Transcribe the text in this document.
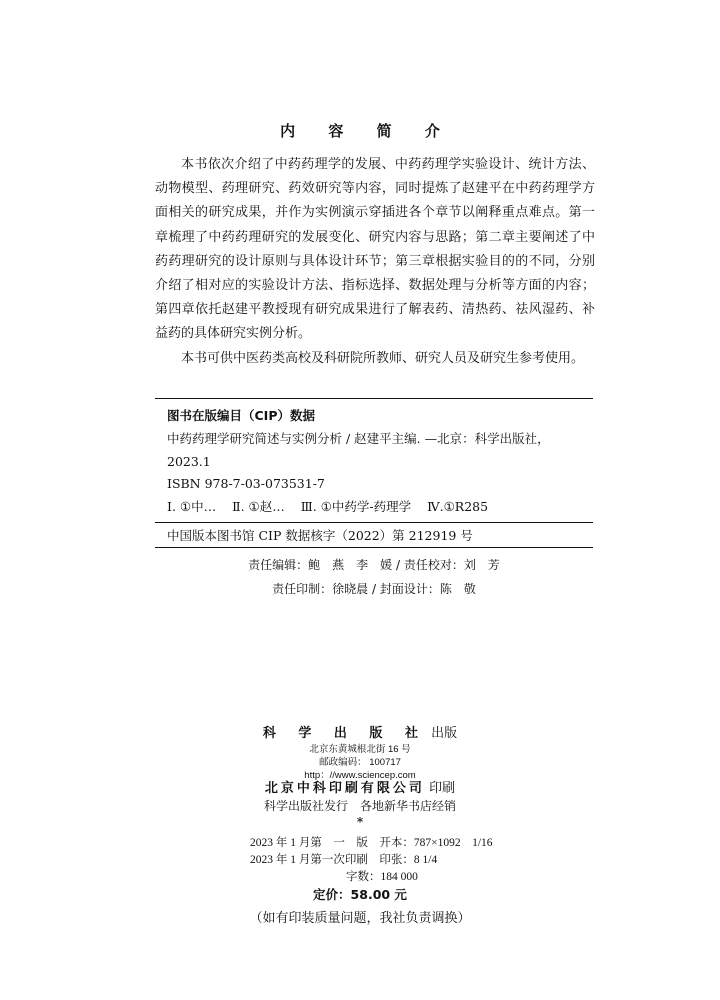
内 容 简 介

本书依次介绍了中药药理学的发展、中药药理学实验设计、统计方法、动物模型、药理研究、药效研究等内容，同时提炼了赵建平在中药药理学方面相关的研究成果，并作为实例演示穿插进各个章节以阐释重点难点。第一章梳理了中药药理研究的发展变化、研究内容与思路；第二章主要阐述了中药药理研究的设计原则与具体设计环节；第三章根据实验目的的不同，分别介绍了相对应的实验设计方法、指标选择、数据处理与分析等方面的内容；第四章依托赵建平教授现有研究成果进行了解表药、清热药、祛风湿药、补益药的具体研究实例分析。

本书可供中医药类高校及科研院所教师、研究人员及研究生参考使用。

图书在版编目（CIP）数据
中药药理学研究简述与实例分析 / 赵建平主编. —北京：科学出版社，
2023.1
ISBN 978-7-03-073531-7
Ⅰ. ①中… Ⅱ. ①赵… Ⅲ. ①中药学-药理学 Ⅳ.①R285
中国版本图书馆 CIP 数据核字（2022）第 212919 号
责任编辑：鲍　燕　李　媛 / 责任校对：刘　芳
责任印制：徐晓晨 / 封面设计：陈　敬
科 学 出 版 社 出版
北京东黄城根北街 16 号
邮政编码： 100717
http：//www.sciencep.com
北京中科印刷有限公司 印刷
科学出版社发行　各地新华书店经销
*
2023 年 1 月第　一　版　开本：787×1092　1/16
2023 年 1 月第一次印刷　印张：8 1/4
字数：184 000
定价：58.00 元
（如有印装质量问题，我社负责调换）
